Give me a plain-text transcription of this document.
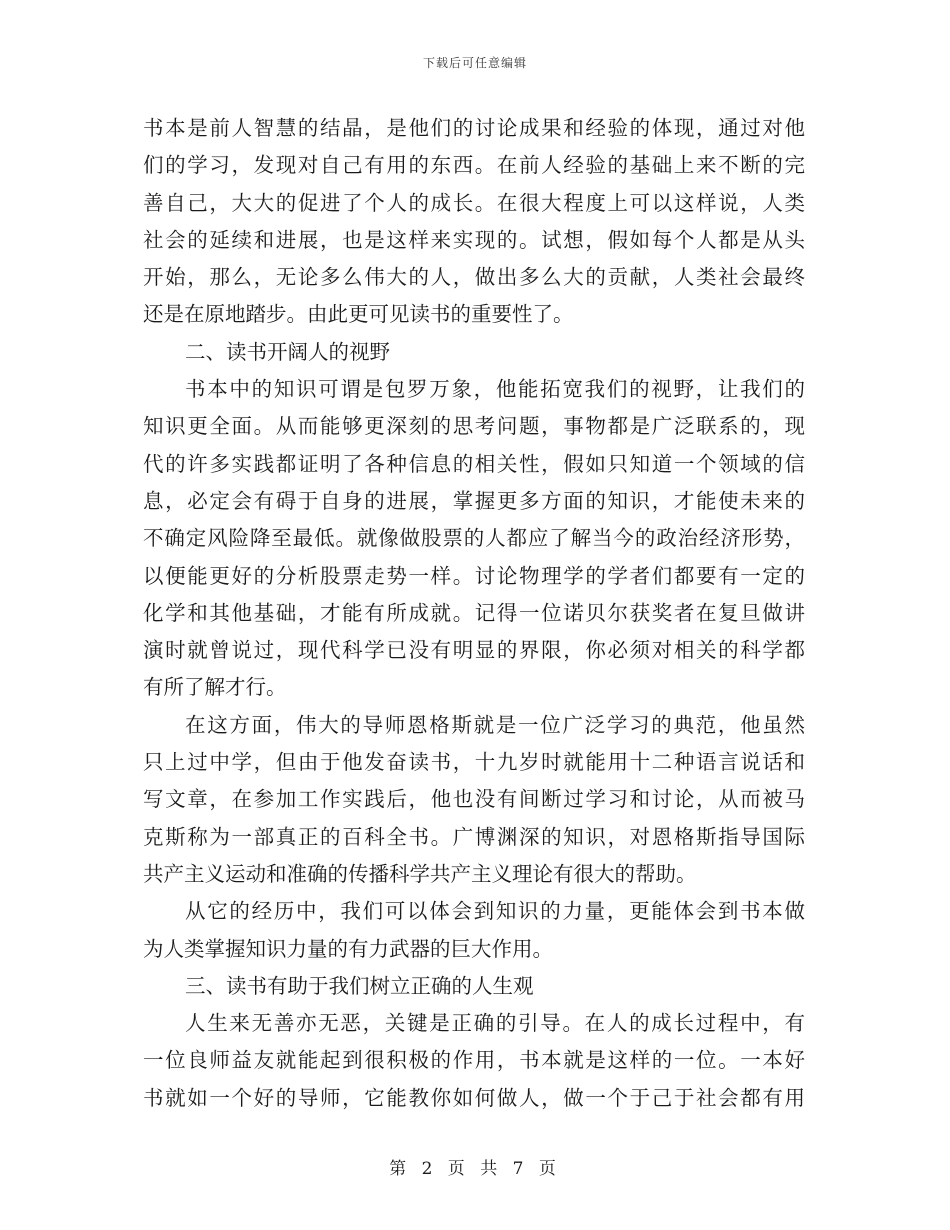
下载后可任意编辑
书本是前人智慧的结晶，是他们的讨论成果和经验的体现，通过对他
们的学习，发现对自己有用的东西。在前人经验的基础上来不断的完
善自己，大大的促进了个人的成长。在很大程度上可以这样说，人类
社会的延续和进展，也是这样来实现的。试想，假如每个人都是从头
开始，那么，无论多么伟大的人，做出多么大的贡献，人类社会最终
还是在原地踏步。由此更可见读书的重要性了。
二、读书开阔人的视野
书本中的知识可谓是包罗万象，他能拓宽我们的视野，让我们的
知识更全面。从而能够更深刻的思考问题，事物都是广泛联系的，现
代的许多实践都证明了各种信息的相关性，假如只知道一个领域的信
息，必定会有碍于自身的进展，掌握更多方面的知识，才能使未来的
不确定风险降至最低。就像做股票的人都应了解当今的政治经济形势，
以便能更好的分析股票走势一样。讨论物理学的学者们都要有一定的
化学和其他基础，才能有所成就。记得一位诺贝尔获奖者在复旦做讲
演时就曾说过，现代科学已没有明显的界限，你必须对相关的科学都
有所了解才行。
在这方面，伟大的导师恩格斯就是一位广泛学习的典范，他虽然
只上过中学，但由于他发奋读书，十九岁时就能用十二种语言说话和
写文章，在参加工作实践后，他也没有间断过学习和讨论，从而被马
克斯称为一部真正的百科全书。广博渊深的知识，对恩格斯指导国际
共产主义运动和准确的传播科学共产主义理论有很大的帮助。
从它的经历中，我们可以体会到知识的力量，更能体会到书本做
为人类掌握知识力量的有力武器的巨大作用。
三、读书有助于我们树立正确的人生观
人生来无善亦无恶，关键是正确的引导。在人的成长过程中，有
一位良师益友就能起到很积极的作用，书本就是这样的一位。一本好
书就如一个好的导师，它能教你如何做人，做一个于己于社会都有用
第 2 页 共 7 页
